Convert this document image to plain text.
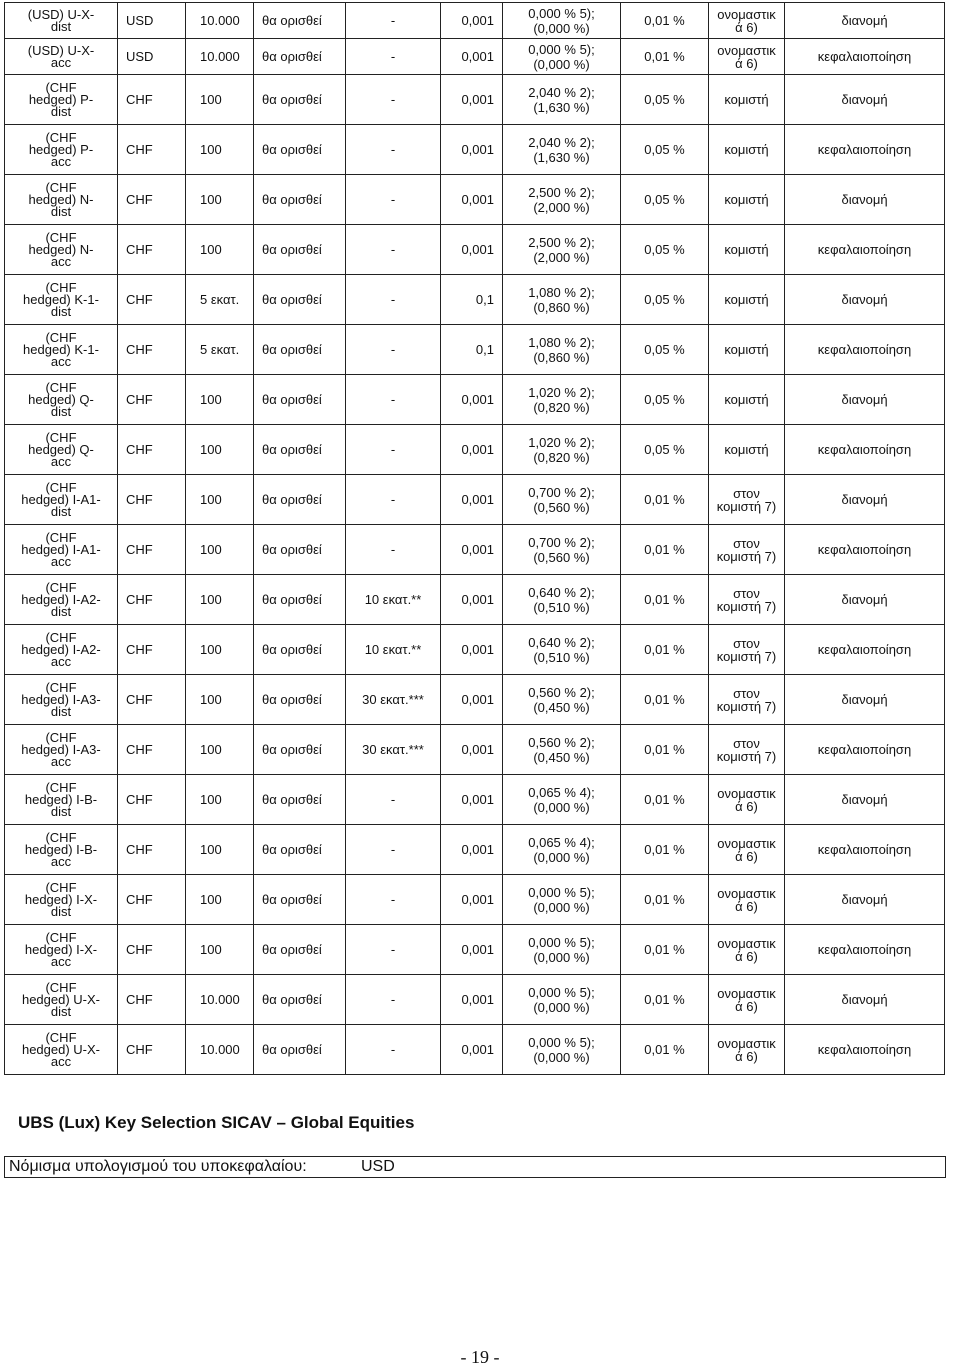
(USD) U-X-
dist	USD	10.000	θα ορισθεί	-	0,001	0,000 % 5);
(0,000 %)	0,01 %	ονομαστικ
ά 6)	διανομή
(USD) U-X-
acc	USD	10.000	θα ορισθεί	-	0,001	0,000 % 5);
(0,000 %)	0,01 %	ονομαστικ
ά 6)	κεφαλαιοποίηση
(CHF
hedged) P-
dist	CHF	100	θα ορισθεί	-	0,001	2,040 % 2);
(1,630 %)	0,05 %	κομιστή	διανομή
(CHF
hedged) P-
acc	CHF	100	θα ορισθεί	-	0,001	2,040 % 2);
(1,630 %)	0,05 %	κομιστή	κεφαλαιοποίηση
(CHF
hedged) N-
dist	CHF	100	θα ορισθεί	-	0,001	2,500 % 2);
(2,000 %)	0,05 %	κομιστή	διανομή
(CHF
hedged) N-
acc	CHF	100	θα ορισθεί	-	0,001	2,500 % 2);
(2,000 %)	0,05 %	κομιστή	κεφαλαιοποίηση
(CHF
hedged) K-1-
dist	CHF	5 εκατ.	θα ορισθεί	-	0,1	1,080 % 2);
(0,860 %)	0,05 %	κομιστή	διανομή
(CHF
hedged) K-1-
acc	CHF	5 εκατ.	θα ορισθεί	-	0,1	1,080 % 2);
(0,860 %)	0,05 %	κομιστή	κεφαλαιοποίηση
(CHF
hedged) Q-
dist	CHF	100	θα ορισθεί	-	0,001	1,020 % 2);
(0,820 %)	0,05 %	κομιστή	διανομή
(CHF
hedged) Q-
acc	CHF	100	θα ορισθεί	-	0,001	1,020 % 2);
(0,820 %)	0,05 %	κομιστή	κεφαλαιοποίηση
(CHF
hedged) I-A1-
dist	CHF	100	θα ορισθεί	-	0,001	0,700 % 2);
(0,560 %)	0,01 %	στον
κομιστή 7)	διανομή
(CHF
hedged) I-A1-
acc	CHF	100	θα ορισθεί	-	0,001	0,700 % 2);
(0,560 %)	0,01 %	στον
κομιστή 7)	κεφαλαιοποίηση
(CHF
hedged) I-A2-
dist	CHF	100	θα ορισθεί	10 εκατ.**	0,001	0,640 % 2);
(0,510 %)	0,01 %	στον
κομιστή 7)	διανομή
(CHF
hedged) I-A2-
acc	CHF	100	θα ορισθεί	10 εκατ.**	0,001	0,640 % 2);
(0,510 %)	0,01 %	στον
κομιστή 7)	κεφαλαιοποίηση
(CHF
hedged) I-A3-
dist	CHF	100	θα ορισθεί	30 εκατ.***	0,001	0,560 % 2);
(0,450 %)	0,01 %	στον
κομιστή 7)	διανομή
(CHF
hedged) I-A3-
acc	CHF	100	θα ορισθεί	30 εκατ.***	0,001	0,560 % 2);
(0,450 %)	0,01 %	στον
κομιστή 7)	κεφαλαιοποίηση
(CHF
hedged) I-B-
dist	CHF	100	θα ορισθεί	-	0,001	0,065 % 4);
(0,000 %)	0,01 %	ονομαστικ
ά 6)	διανομή
(CHF
hedged) I-B-
acc	CHF	100	θα ορισθεί	-	0,001	0,065 % 4);
(0,000 %)	0,01 %	ονομαστικ
ά 6)	κεφαλαιοποίηση
(CHF
hedged) I-X-
dist	CHF	100	θα ορισθεί	-	0,001	0,000 % 5);
(0,000 %)	0,01 %	ονομαστικ
ά 6)	διανομή
(CHF
hedged) I-X-
acc	CHF	100	θα ορισθεί	-	0,001	0,000 % 5);
(0,000 %)	0,01 %	ονομαστικ
ά 6)	κεφαλαιοποίηση
(CHF
hedged) U-X-
dist	CHF	10.000	θα ορισθεί	-	0,001	0,000 % 5);
(0,000 %)	0,01 %	ονομαστικ
ά 6)	διανομή
(CHF
hedged) U-X-
acc	CHF	10.000	θα ορισθεί	-	0,001	0,000 % 5);
(0,000 %)	0,01 %	ονομαστικ
ά 6)	κεφαλαιοποίηση
UBS (Lux) Key Selection SICAV – Global Equities
Νόμισμα υπολογισμού του υποκεφαλαίου:	USD
- 19 -
